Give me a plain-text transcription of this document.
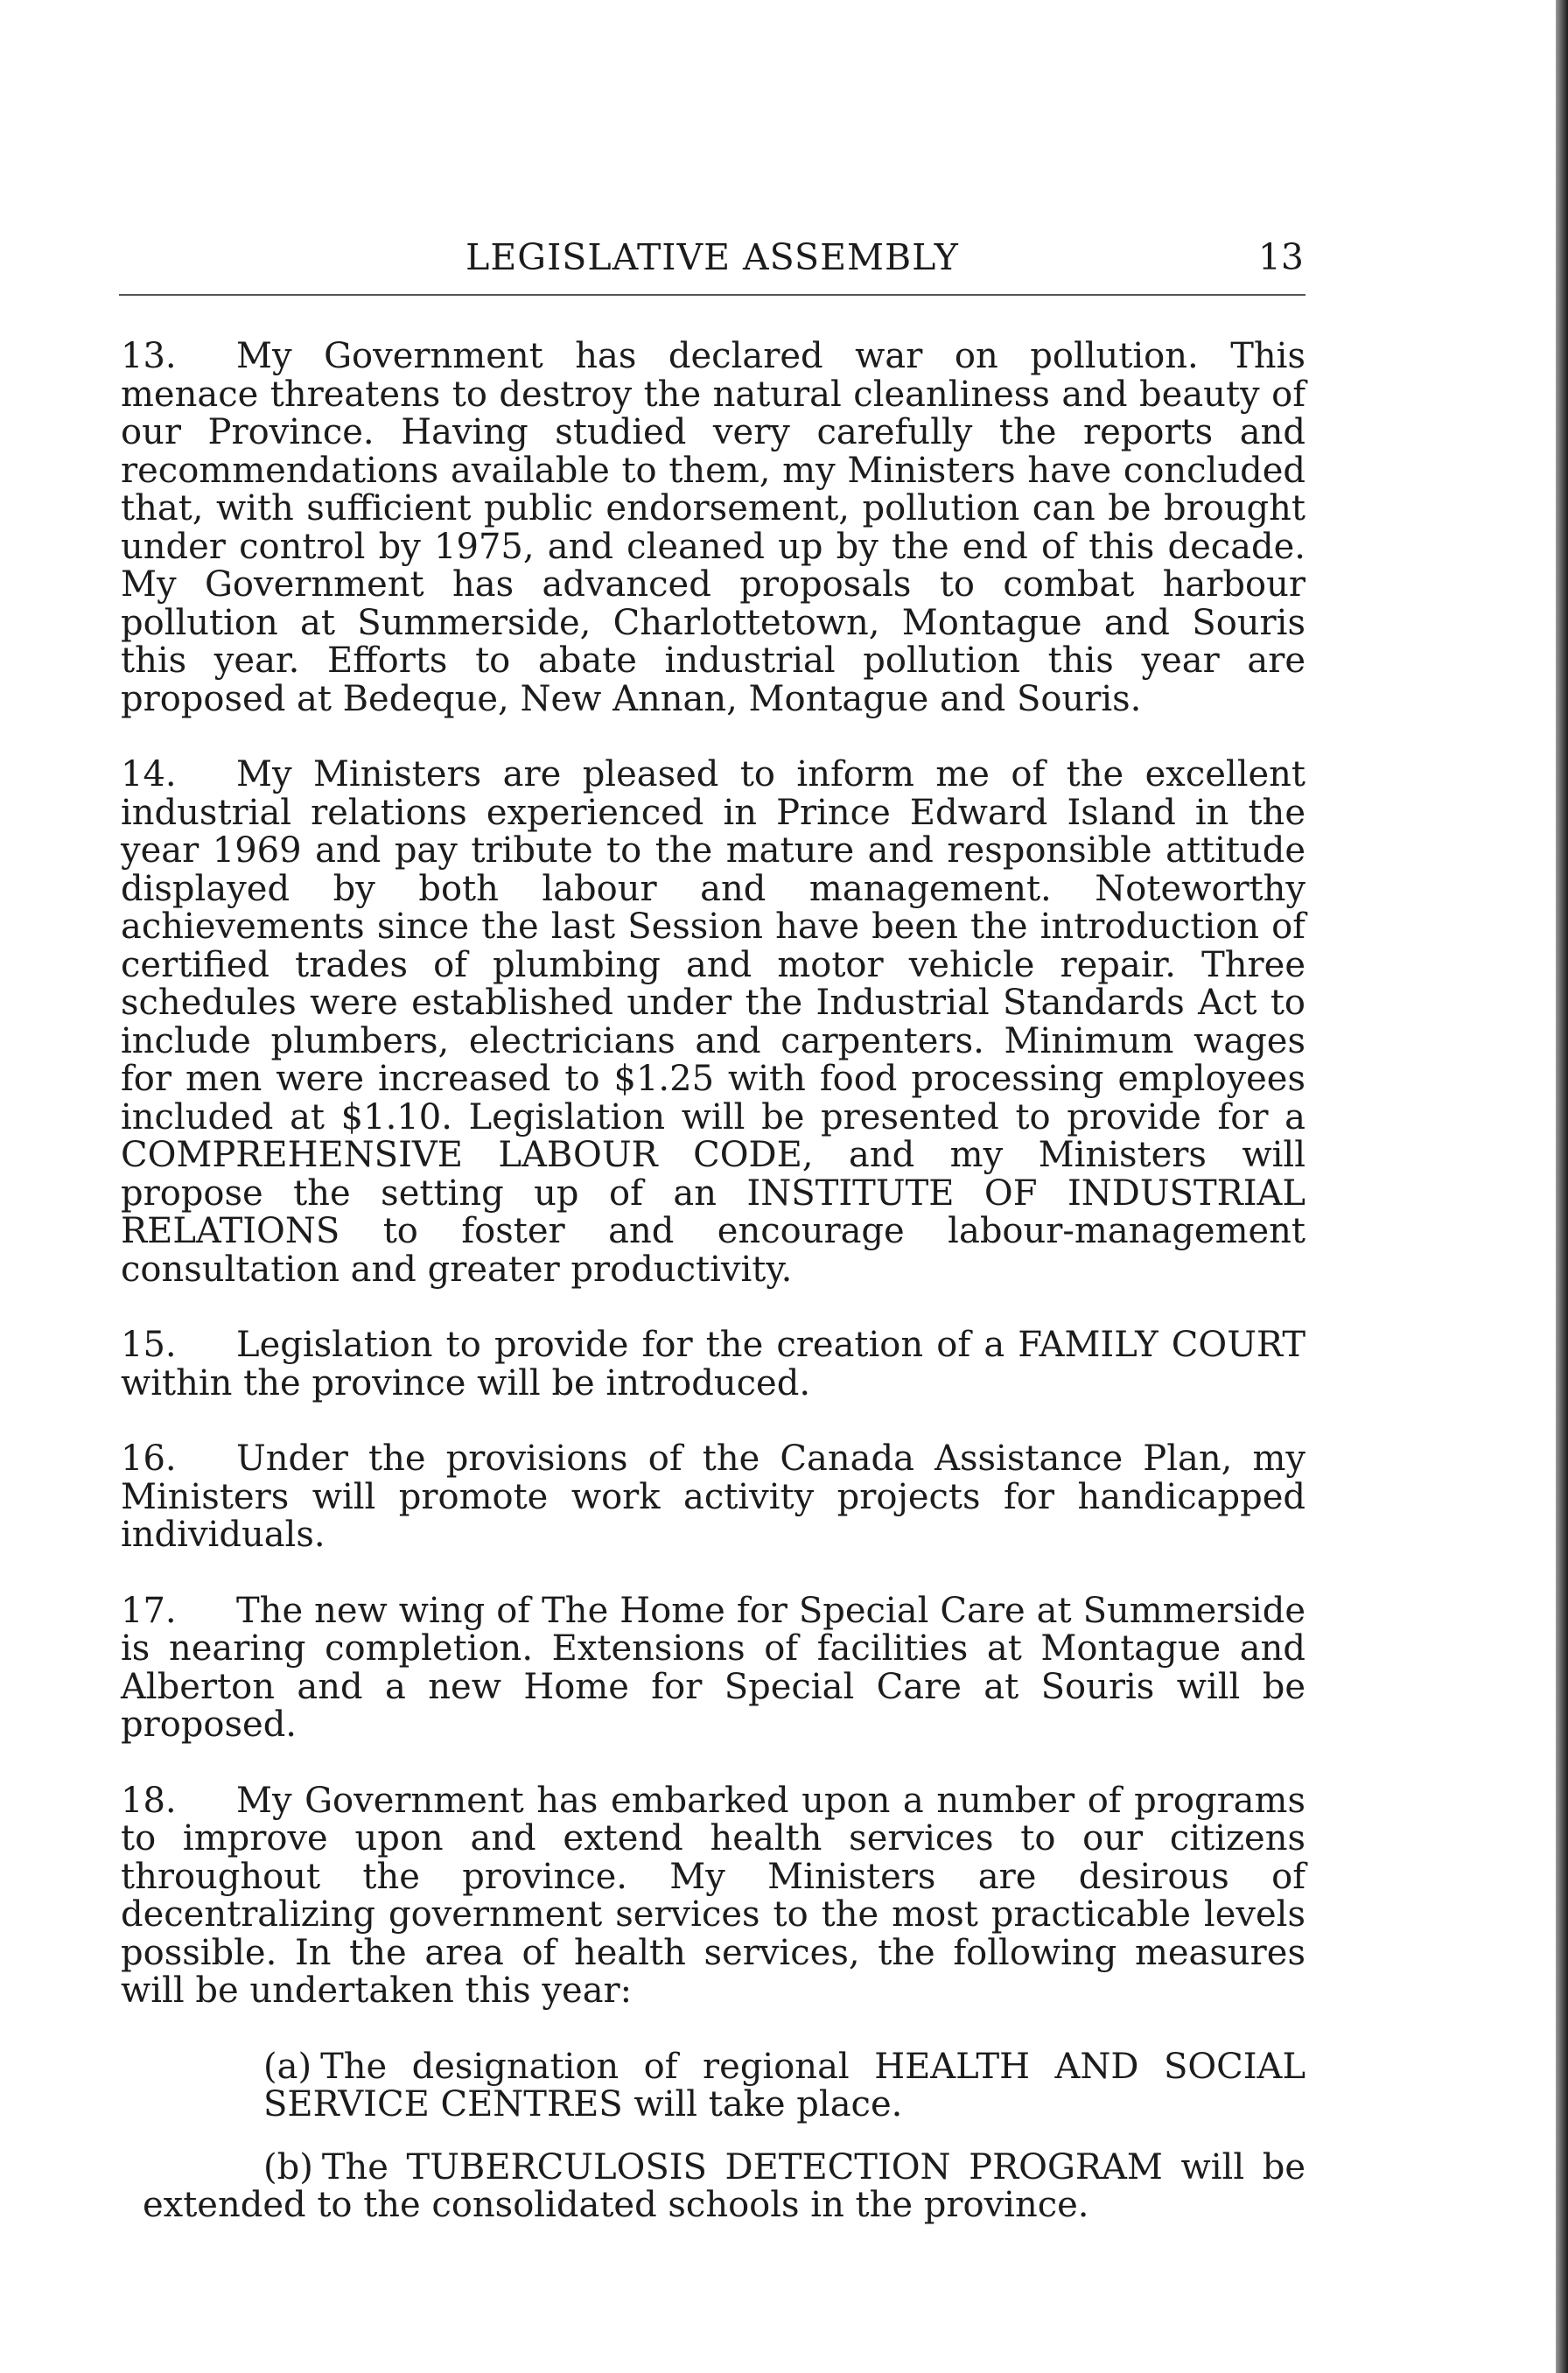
LEGISLATIVE ASSEMBLY	13

13. My Government has declared war on pollution. This menace threatens to destroy the natural cleanliness and beauty of our Province. Having studied very carefully the reports and recommendations available to them, my Ministers have concluded that, with sufficient public endorsement, pollution can be brought under control by 1975, and cleaned up by the end of this decade. My Government has advanced proposals to combat harbour pollution at Summerside, Charlottetown, Montague and Souris this year. Efforts to abate industrial pollution this year are proposed at Bedeque, New Annan, Montague and Souris.

14. My Ministers are pleased to inform me of the excellent industrial relations experienced in Prince Edward Island in the year 1969 and pay tribute to the mature and responsible attitude displayed by both labour and management. Noteworthy achievements since the last Session have been the introduction of certified trades of plumbing and motor vehicle repair. Three schedules were established under the Industrial Standards Act to include plumbers, electricians and carpenters. Minimum wages for men were increased to $1.25 with food processing employees included at $1.10. Legislation will be presented to provide for a COMPREHENSIVE LABOUR CODE, and my Ministers will propose the setting up of an INSTITUTE OF INDUSTRIAL RELATIONS to foster and encourage labour-management consultation and greater productivity.

15. Legislation to provide for the creation of a FAMILY COURT within the province will be introduced.

16. Under the provisions of the Canada Assistance Plan, my Ministers will promote work activity projects for handicapped individuals.

17. The new wing of The Home for Special Care at Summerside is nearing completion. Extensions of facilities at Montague and Alberton and a new Home for Special Care at Souris will be proposed.

18. My Government has embarked upon a number of programs to improve upon and extend health services to our citizens throughout the province. My Ministers are desirous of decentralizing government services to the most practicable levels possible. In the area of health services, the following measures will be undertaken this year:

(a) The designation of regional HEALTH AND SOCIAL SERVICE CENTRES will take place.

(b) The TUBERCULOSIS DETECTION PROGRAM will be extended to the consolidated schools in the province.
